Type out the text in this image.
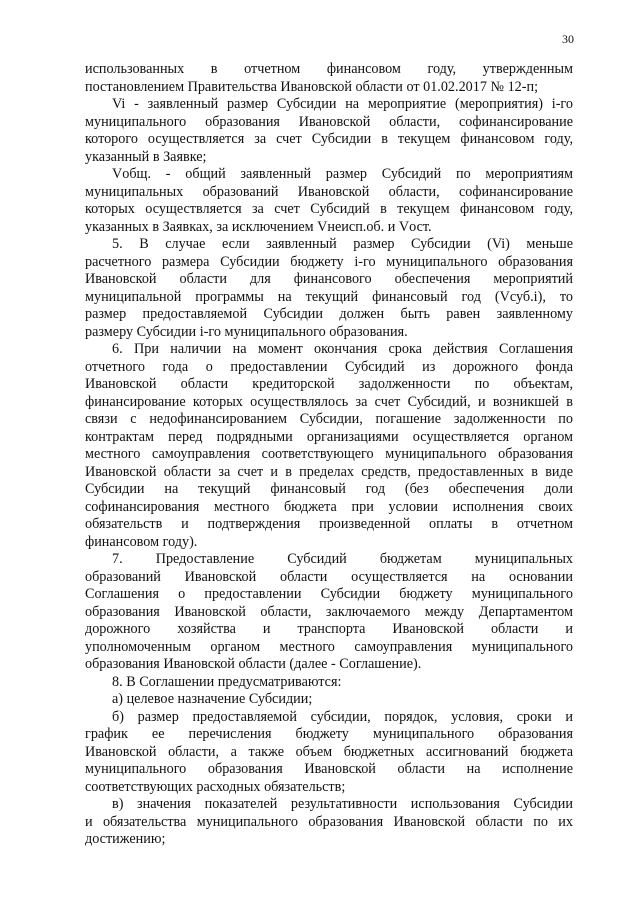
30
использованных в отчетном финансовом году, утвержденным
постановлением Правительства Ивановской области от 01.02.2017 № 12-п;
Vi - заявленный размер Субсидии на мероприятие (мероприятия) i-го
муниципального образования Ивановской области, софинансирование
которого осуществляется за счет Субсидии в текущем финансовом году,
указанный в Заявке;
Vобщ. - общий заявленный размер Субсидий по мероприятиям
муниципальных образований Ивановской области, софинансирование
которых осуществляется за счет Субсидий в текущем финансовом году,
указанных в Заявках, за исключением Vнеисп.об. и Vост.
5. В случае если заявленный размер Субсидии (Vi) меньше
расчетного размера Субсидии бюджету i-го муниципального образования
Ивановской области для финансового обеспечения мероприятий
муниципальной программы на текущий финансовый год (Vсуб.i), то
размер предоставляемой Субсидии должен быть равен заявленному
размеру Субсидии i-го муниципального образования.
6. При наличии на момент окончания срока действия Соглашения
отчетного года о предоставлении Субсидий из дорожного фонда
Ивановской области кредиторской задолженности по объектам,
финансирование которых осуществлялось за счет Субсидий, и возникшей в
связи с недофинансированием Субсидии, погашение задолженности по
контрактам перед подрядными организациями осуществляется органом
местного самоуправления соответствующего муниципального образования
Ивановской области за счет и в пределах средств, предоставленных в виде
Субсидии на текущий финансовый год (без обеспечения доли
софинансирования местного бюджета при условии исполнения своих
обязательств и подтверждения произведенной оплаты в отчетном
финансовом году).
7. Предоставление Субсидий бюджетам муниципальных
образований Ивановской области осуществляется на основании
Соглашения о предоставлении Субсидии бюджету муниципального
образования Ивановской области, заключаемого между Департаментом
дорожного хозяйства и транспорта Ивановской области и
уполномоченным органом местного самоуправления муниципального
образования Ивановской области (далее - Соглашение).
8. В Соглашении предусматриваются:
а) целевое назначение Субсидии;
б) размер предоставляемой субсидии, порядок, условия, сроки и
график ее перечисления бюджету муниципального образования
Ивановской области, а также объем бюджетных ассигнований бюджета
муниципального образования Ивановской области на исполнение
соответствующих расходных обязательств;
в) значения показателей результативности использования Субсидии
и обязательства муниципального образования Ивановской области по их
достижению;
